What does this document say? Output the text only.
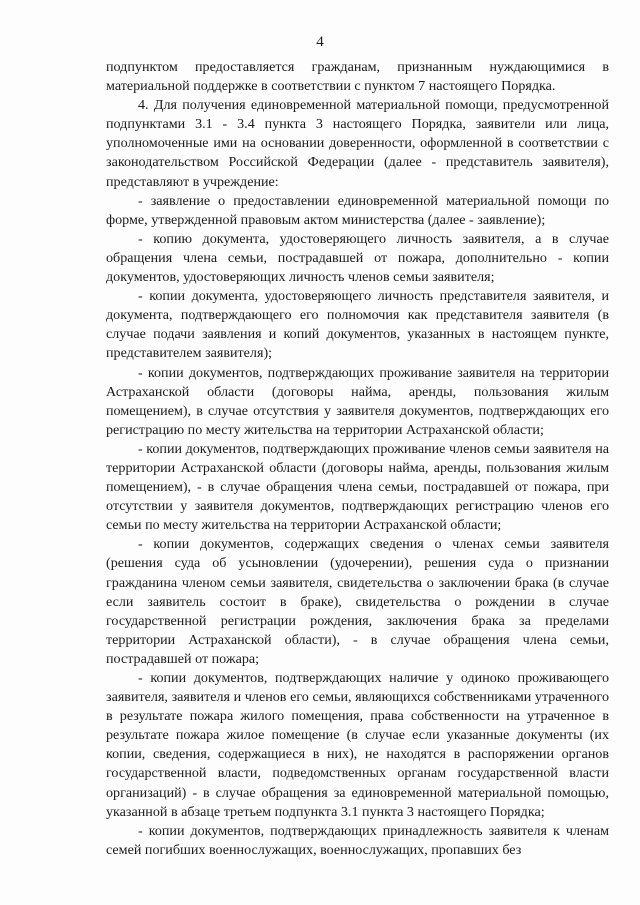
4

подпунктом предоставляется гражданам, признанным нуждающимися в материальной поддержке в соответствии с пунктом 7 настоящего Порядка.

4. Для получения единовременной материальной помощи, предусмотренной подпунктами 3.1 - 3.4 пункта 3 настоящего Порядка, заявители или лица, уполномоченные ими на основании доверенности, оформленной в соответствии с законодательством Российской Федерации (далее - представитель заявителя), представляют в учреждение:

- заявление о предоставлении единовременной материальной помощи по форме, утвержденной правовым актом министерства (далее - заявление);

- копию документа, удостоверяющего личность заявителя, а в случае обращения члена семьи, пострадавшей от пожара, дополнительно - копии документов, удостоверяющих личность членов семьи заявителя;

- копии документа, удостоверяющего личность представителя заявителя, и документа, подтверждающего его полномочия как представителя заявителя (в случае подачи заявления и копий документов, указанных в настоящем пункте, представителем заявителя);

- копии документов, подтверждающих проживание заявителя на территории Астраханской области (договоры найма, аренды, пользования жилым помещением), в случае отсутствия у заявителя документов, подтверждающих его регистрацию по месту жительства на территории Астраханской области;

- копии документов, подтверждающих проживание членов семьи заявителя на территории Астраханской области (договоры найма, аренды, пользования жилым помещением), - в случае обращения члена семьи, пострадавшей от пожара, при отсутствии у заявителя документов, подтверждающих регистрацию членов его семьи по месту жительства на территории Астраханской области;

- копии документов, содержащих сведения о членах семьи заявителя (решения суда об усыновлении (удочерении), решения суда о признании гражданина членом семьи заявителя, свидетельства о заключении брака (в случае если заявитель состоит в браке), свидетельства о рождении в случае государственной регистрации рождения, заключения брака за пределами территории Астраханской области), - в случае обращения члена семьи, пострадавшей от пожара;

- копии документов, подтверждающих наличие у одиноко проживающего заявителя, заявителя и членов его семьи, являющихся собственниками утраченного в результате пожара жилого помещения, права собственности на утраченное в результате пожара жилое помещение (в случае если указанные документы (их копии, сведения, содержащиеся в них), не находятся в распоряжении органов государственной власти, подведомственных органам государственной власти организаций) - в случае обращения за единовременной материальной помощью, указанной в абзаце третьем подпункта 3.1 пункта 3 настоящего Порядка;

- копии документов, подтверждающих принадлежность заявителя к членам семей погибших военнослужащих, военнослужащих, пропавших без
